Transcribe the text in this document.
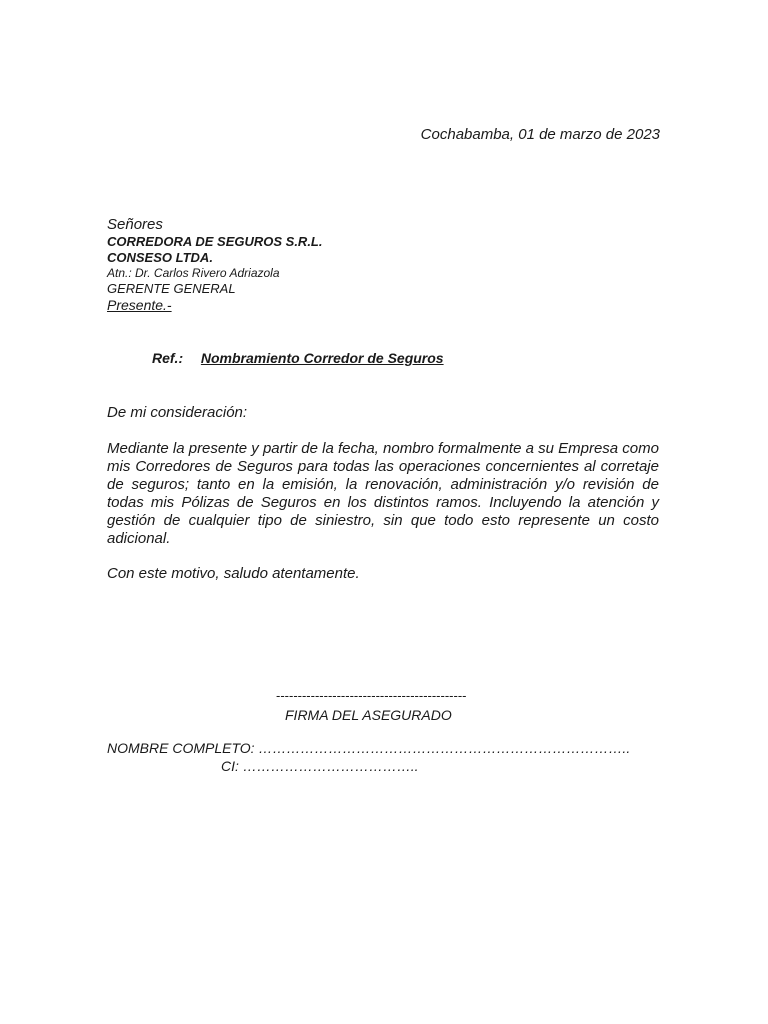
Cochabamba, 01 de marzo de 2023
Señores
CORREDORA DE SEGUROS S.R.L.
CONSESO LTDA.
Atn.: Dr. Carlos Rivero Adriazola
GERENTE GENERAL
Presente.-
Ref.: Nombramiento Corredor de Seguros
De mi consideración:
Mediante la presente y partir de la fecha, nombro formalmente a su Empresa como mis Corredores de Seguros para todas las operaciones concernientes al corretaje de seguros; tanto en la emisión, la renovación, administración y/o revisión de todas mis Pólizas de Seguros en los distintos ramos. Incluyendo la atención y gestión de cualquier tipo de siniestro, sin que todo esto represente un costo adicional.
Con este motivo, saludo atentamente.
--------------------------------------------
FIRMA DEL ASEGURADO
NOMBRE COMPLETO: ……………………………………………………………………..
CI: ………………………………..
